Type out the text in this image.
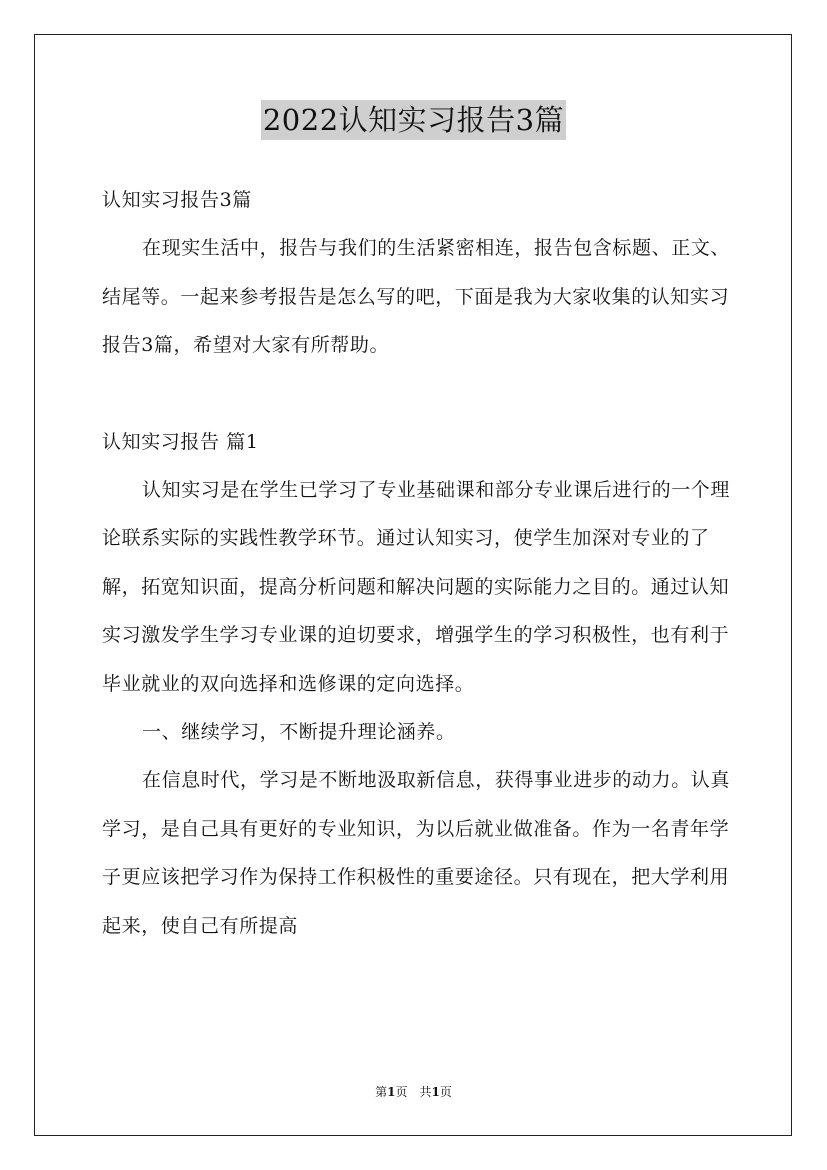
2022认知实习报告3篇

认知实习报告3篇

在现实生活中，报告与我们的生活紧密相连，报告包含标题、正文、结尾等。一起来参考报告是怎么写的吧，下面是我为大家收集的认知实习报告3篇，希望对大家有所帮助。

认知实习报告 篇1

认知实习是在学生已学习了专业基础课和部分专业课后进行的一个理论联系实际的实践性教学环节。通过认知实习，使学生加深对专业的了解，拓宽知识面，提高分析问题和解决问题的实际能力之目的。通过认知实习激发学生学习专业课的迫切要求，增强学生的学习积极性，也有利于毕业就业的双向选择和选修课的定向选择。

一、继续学习，不断提升理论涵养。

在信息时代，学习是不断地汲取新信息，获得事业进步的动力。认真学习，是自己具有更好的专业知识，为以后就业做准备。作为一名青年学子更应该把学习作为保持工作积极性的重要途径。只有现在，把大学利用起来，使自己有所提高

第1页　共1页
